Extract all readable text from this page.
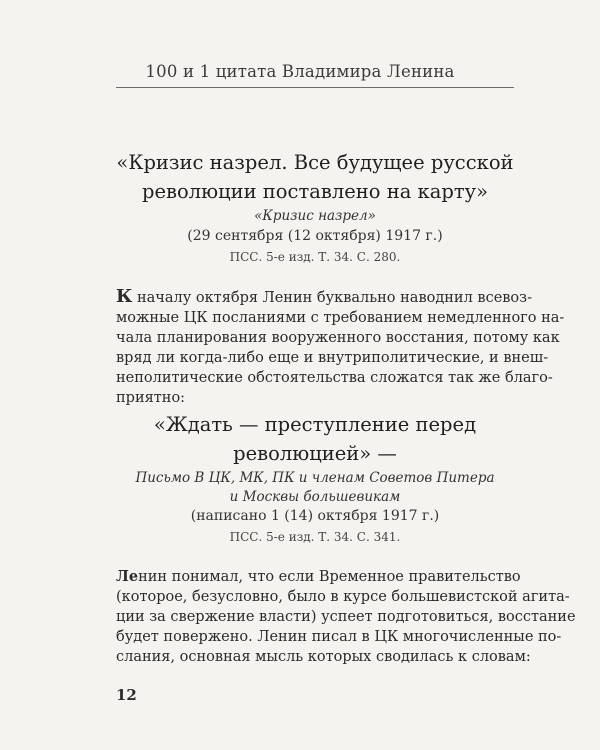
100 и 1 цитата Владимира Ленина
«Кризис назрел. Все будущее русской
революции поставлено на карту»
«Кризис назрел»
(29 сентября (12 октября) 1917 г.)
ПСС. 5-е изд. Т. 34. С. 280.
К началу октября Ленин буквально наводнил всевоз-
можные ЦК посланиями с требованием немедленного на-
чала планирования вооруженного восстания, потому как
вряд ли когда-либо еще и внутриполитические, и внеш-
неполитические обстоятельства сложатся так же благо-
приятно:
«Ждать — преступление перед
революцией» —
Письмо В ЦК, МК, ПК и членам Советов Питера
и Москвы большевикам
(написано 1 (14) октября 1917 г.)
ПСС. 5-е изд. Т. 34. С. 341.
Ленин понимал, что если Временное правительство
(которое, безусловно, было в курсе большевистской агита-
ции за свержение власти) успеет подготовиться, восстание
будет повержено. Ленин писал в ЦК многочисленные по-
слания, основная мысль которых сводилась к словам:
12
